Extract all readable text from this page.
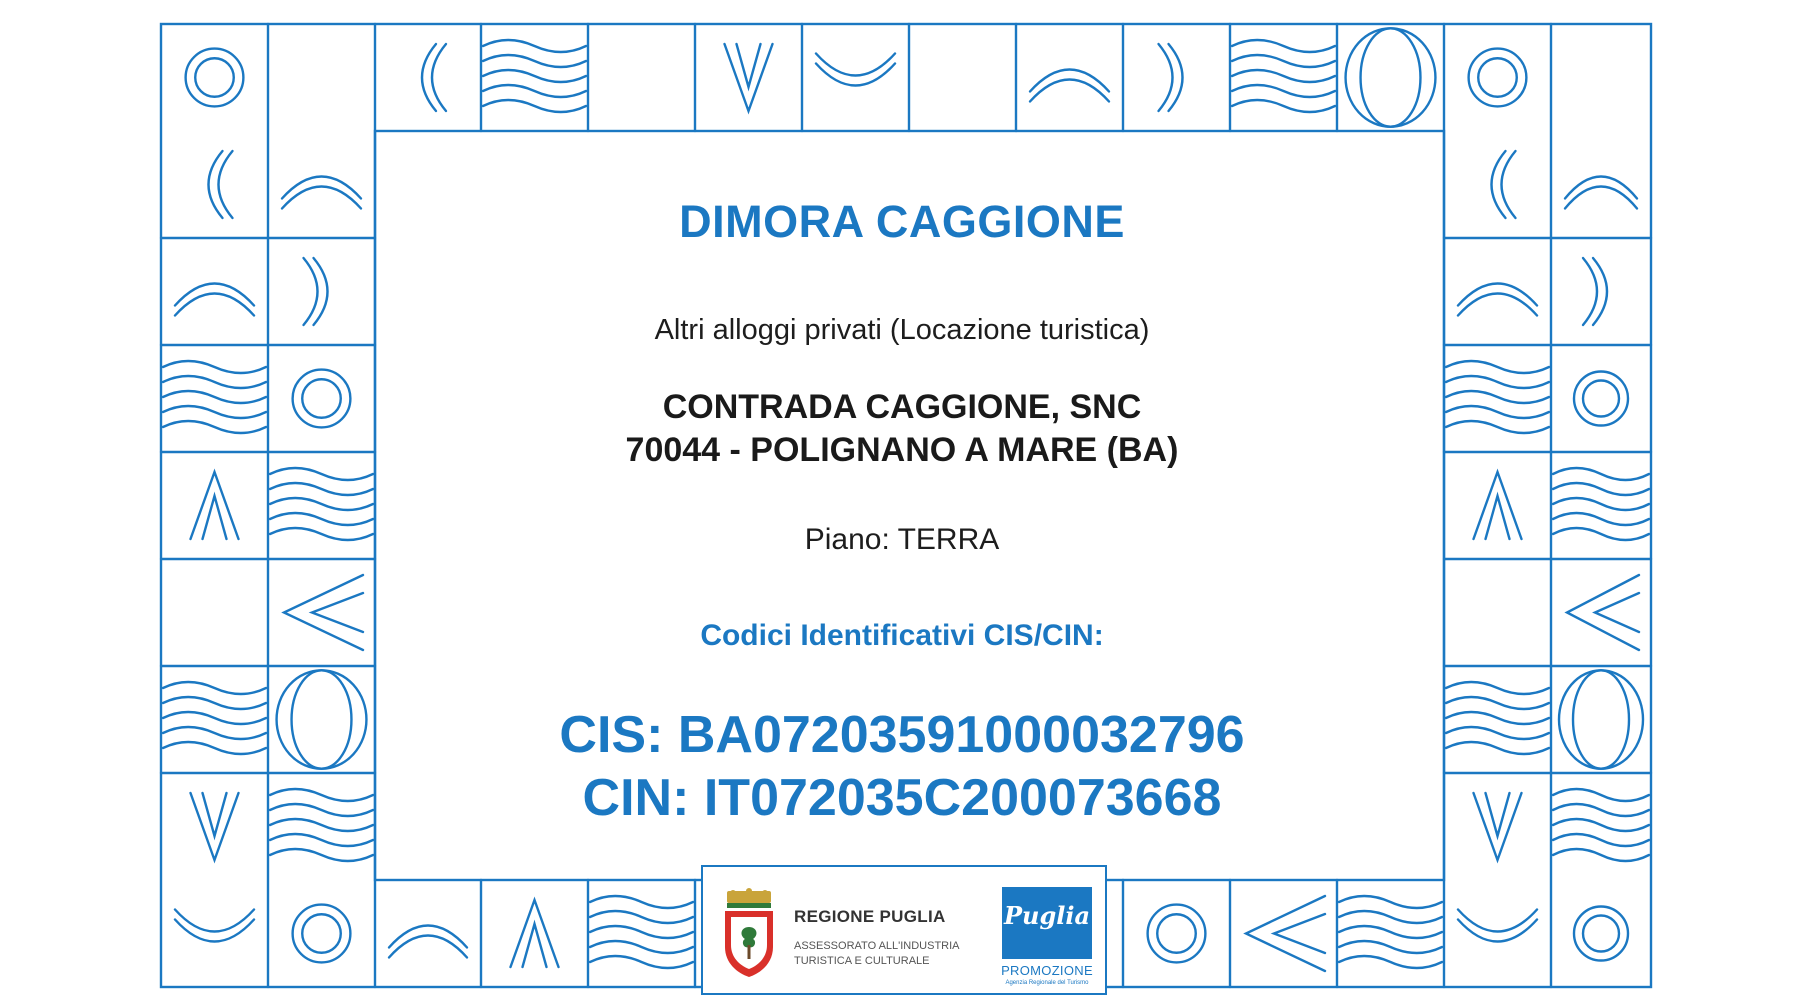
DIMORA CAGGIONE

Altri alloggi privati (Locazione turistica)

CONTRADA CAGGIONE, SNC

70044 - POLIGNANO A MARE (BA)

Piano: TERRA

Codici Identificativi CIS/CIN:

CIS: BA07203591000032796

CIN: IT072035C200073668

REGIONE PUGLIA

ASSESSORATO ALL'INDUSTRIA

TURISTICA E CULTURALE

Puglia

PROMOZIONE

Agenzia Regionale del Turismo
